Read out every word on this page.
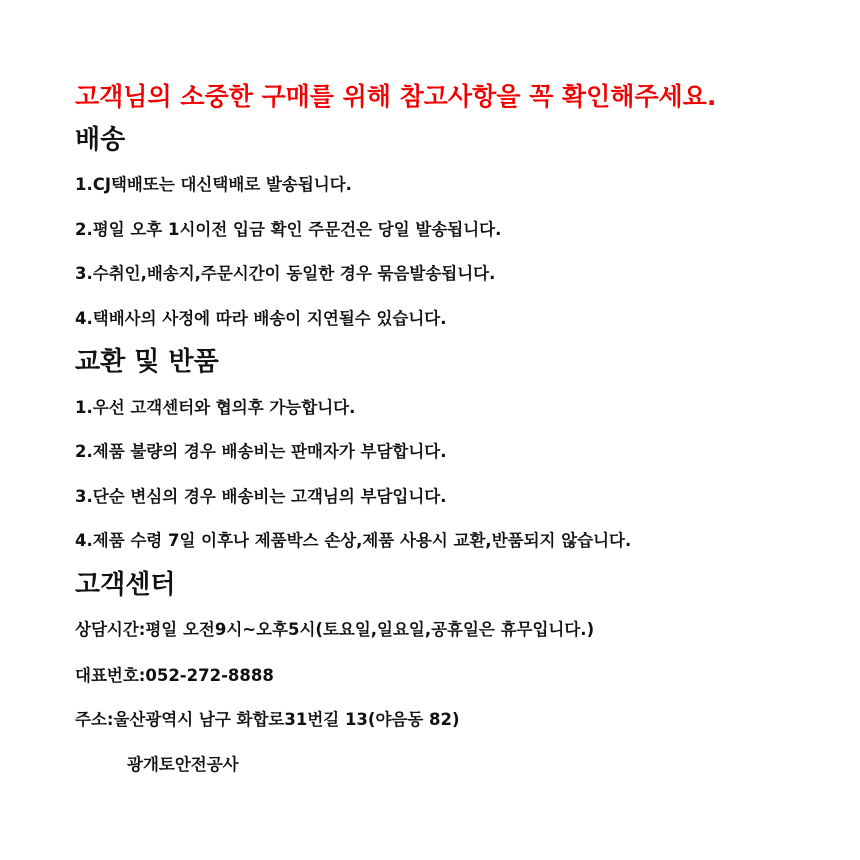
고객님의 소중한 구매를 위해 참고사항을 꼭 확인해주세요.
배송
1.CJ택배또는 대신택배로 발송됩니다.
2.평일 오후 1시이전 입금 확인 주문건은 당일 발송됩니다.
3.수취인,배송지,주문시간이 동일한 경우 묶음발송됩니다.
4.택배사의 사정에 따라 배송이 지연될수 있습니다.
교환 및 반품
1.우선 고객센터와 협의후 가능합니다.
2.제품 불량의 경우 배송비는 판매자가 부담합니다.
3.단순 변심의 경우 배송비는 고객님의 부담입니다.
4.제품 수령 7일 이후나 제품박스 손상,제품 사용시 교환,반품되지 않습니다.
고객센터
상담시간:평일 오전9시~오후5시(토요일,일요일,공휴일은 휴무입니다.)
대표번호:052-272-8888
주소:울산광역시 남구 화합로31번길 13(야음동 82)
광개토안전공사
